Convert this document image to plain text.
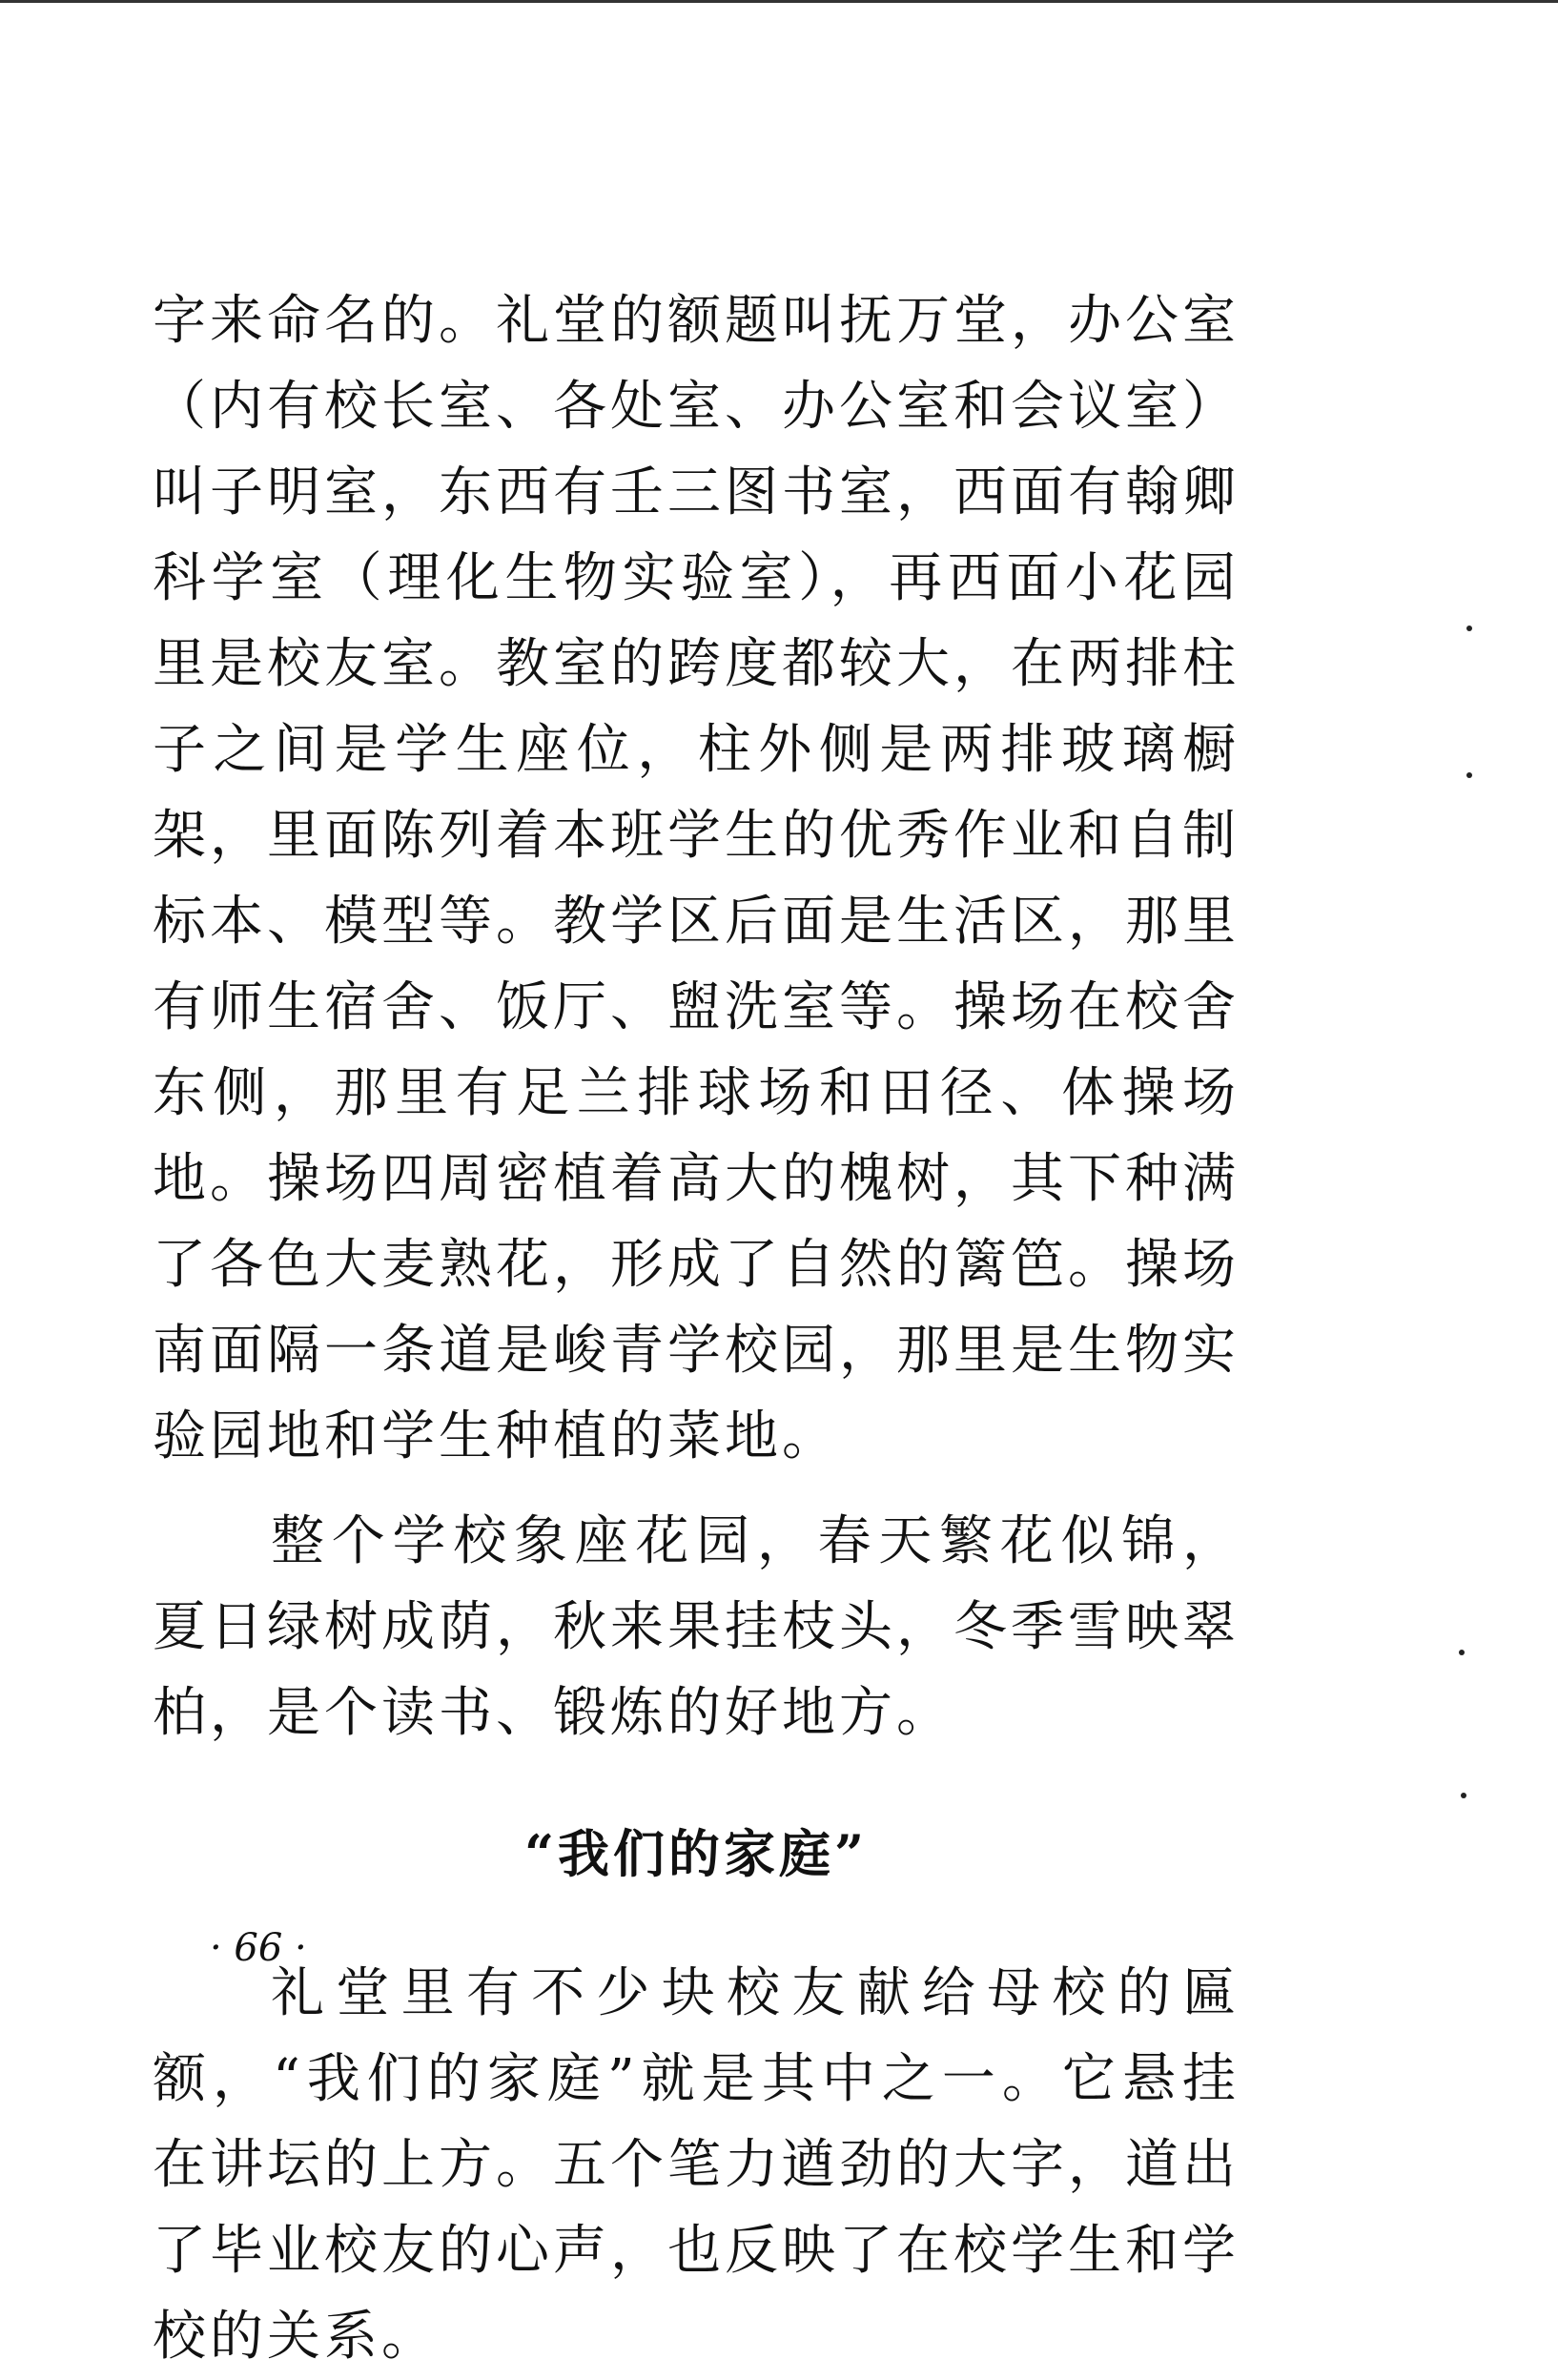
字来命名的。礼堂的额题叫抚万堂，办公室（内有校长室、各处室、办公室和会议室）叫子明室，东西有壬三图书室，西面有翰卿科学室（理化生物实验室），再西面小花园里是校友室。教室的跨度都较大，在两排柱子之间是学生座位，柱外侧是两排玻璃橱架，里面陈列着本班学生的优秀作业和自制标本、模型等。教学区后面是生活区，那里有师生宿舍、饭厅、盥洗室等。操场在校舍东侧，那里有足兰排球场和田径、体操场地。操场四周密植着高大的槐树，其下种满了各色大麦熟花，形成了自然的篱笆。操场南面隔一条道是峻青学校园，那里是生物实验园地和学生种植的菜地。

整个学校象座花园，春天繁花似锦，夏日绿树成荫，秋来果挂枝头，冬季雪映翠柏，是个读书、锻炼的好地方。

“我们的家庭”

礼堂里有不少块校友献给母校的匾额，“我们的家庭”就是其中之一。它悬挂在讲坛的上方。五个笔力遒劲的大字，道出了毕业校友的心声，也反映了在校学生和学校的关系。

· 66 ·
